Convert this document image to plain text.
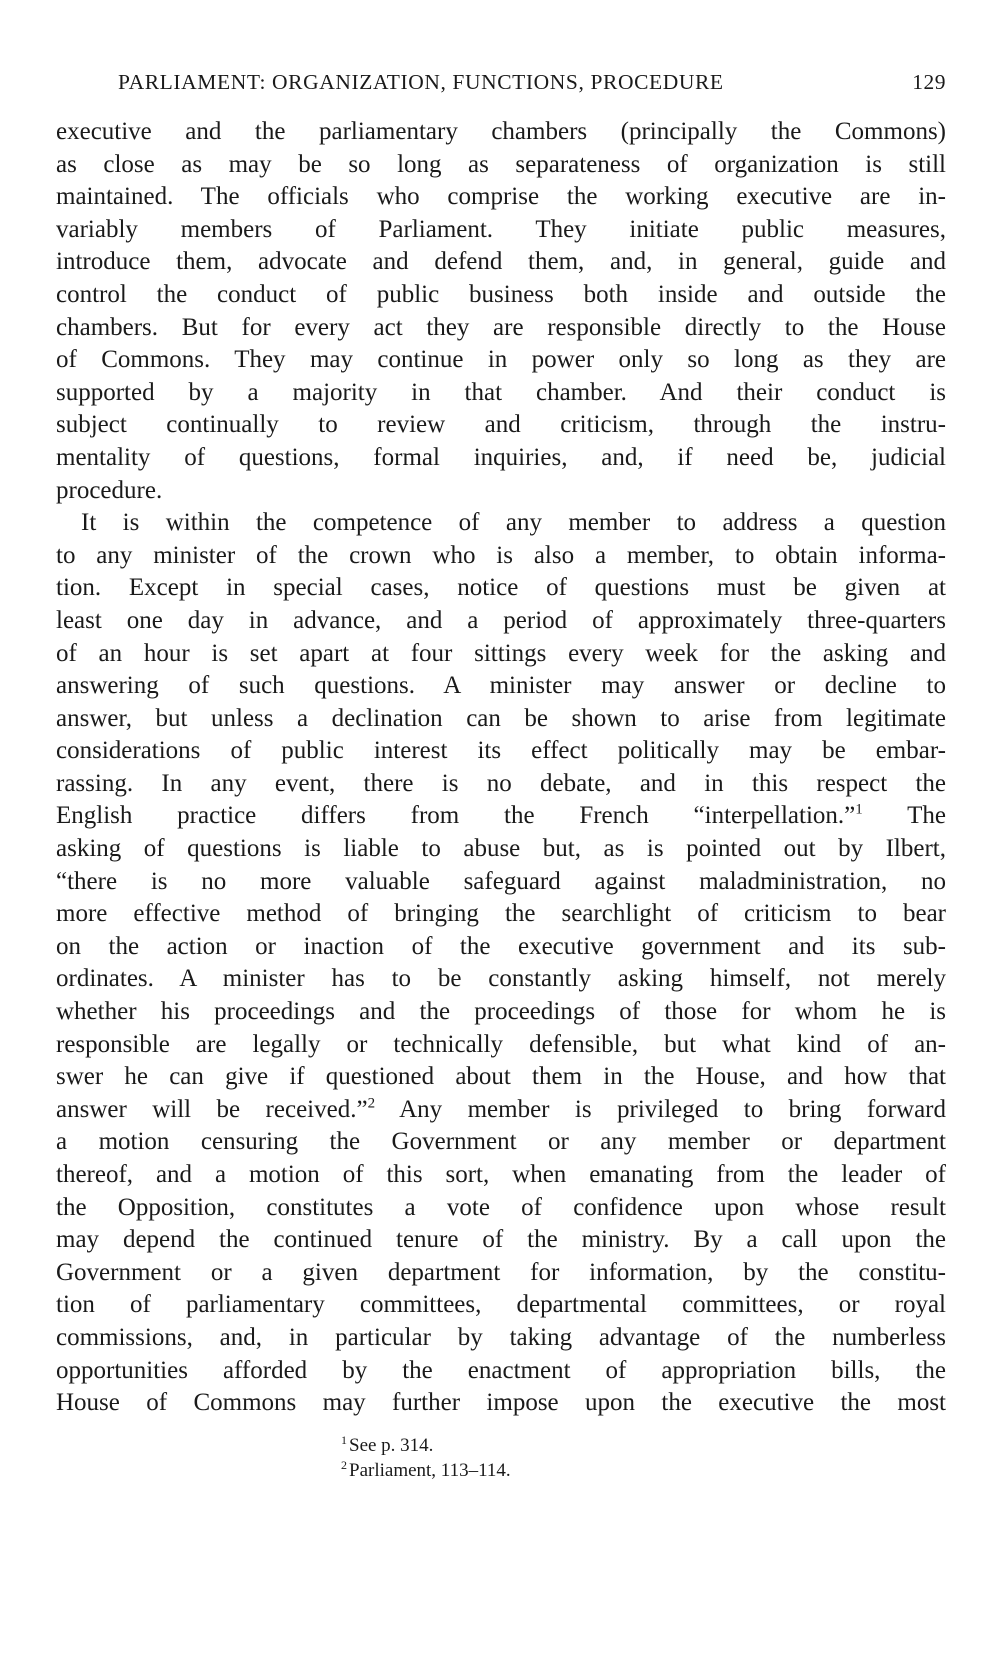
PARLIAMENT: ORGANIZATION, FUNCTIONS, PROCEDURE	129

executive and the parliamentary chambers (principally the Commons)
as close as may be so long as separateness of organization is still
maintained. The officials who comprise the working executive are in-
variably members of Parliament. They initiate public measures,
introduce them, advocate and defend them, and, in general, guide and
control the conduct of public business both inside and outside the
chambers. But for every act they are responsible directly to the House
of Commons. They may continue in power only so long as they are
supported by a majority in that chamber. And their conduct is
subject continually to review and criticism, through the instru-
mentality of questions, formal inquiries, and, if need be, judicial
procedure.

It is within the competence of any member to address a question
to any minister of the crown who is also a member, to obtain informa-
tion. Except in special cases, notice of questions must be given at
least one day in advance, and a period of approximately three-quarters
of an hour is set apart at four sittings every week for the asking and
answering of such questions. A minister may answer or decline to
answer, but unless a declination can be shown to arise from legitimate
considerations of public interest its effect politically may be embar-
rassing. In any event, there is no debate, and in this respect the
English practice differs from the French “interpellation.”$^1$ The
asking of questions is liable to abuse but, as is pointed out by Ilbert,
“there is no more valuable safeguard against maladministration, no
more effective method of bringing the searchlight of criticism to bear
on the action or inaction of the executive government and its sub-
ordinates. A minister has to be constantly asking himself, not merely
whether his proceedings and the proceedings of those for whom he is
responsible are legally or technically defensible, but what kind of an-
swer he can give if questioned about them in the House, and how that
answer will be received.”$^2$ Any member is privileged to bring forward
a motion censuring the Government or any member or department
thereof, and a motion of this sort, when emanating from the leader of
the Opposition, constitutes a vote of confidence upon whose result
may depend the continued tenure of the ministry. By a call upon the
Government or a given department for information, by the constitu-
tion of parliamentary committees, departmental committees, or royal
commissions, and, in particular by taking advantage of the numberless
opportunities afforded by the enactment of appropriation bills, the
House of Commons may further impose upon the executive the most

$^1$ See p. 314.
$^2$ Parliament, 113–114.
